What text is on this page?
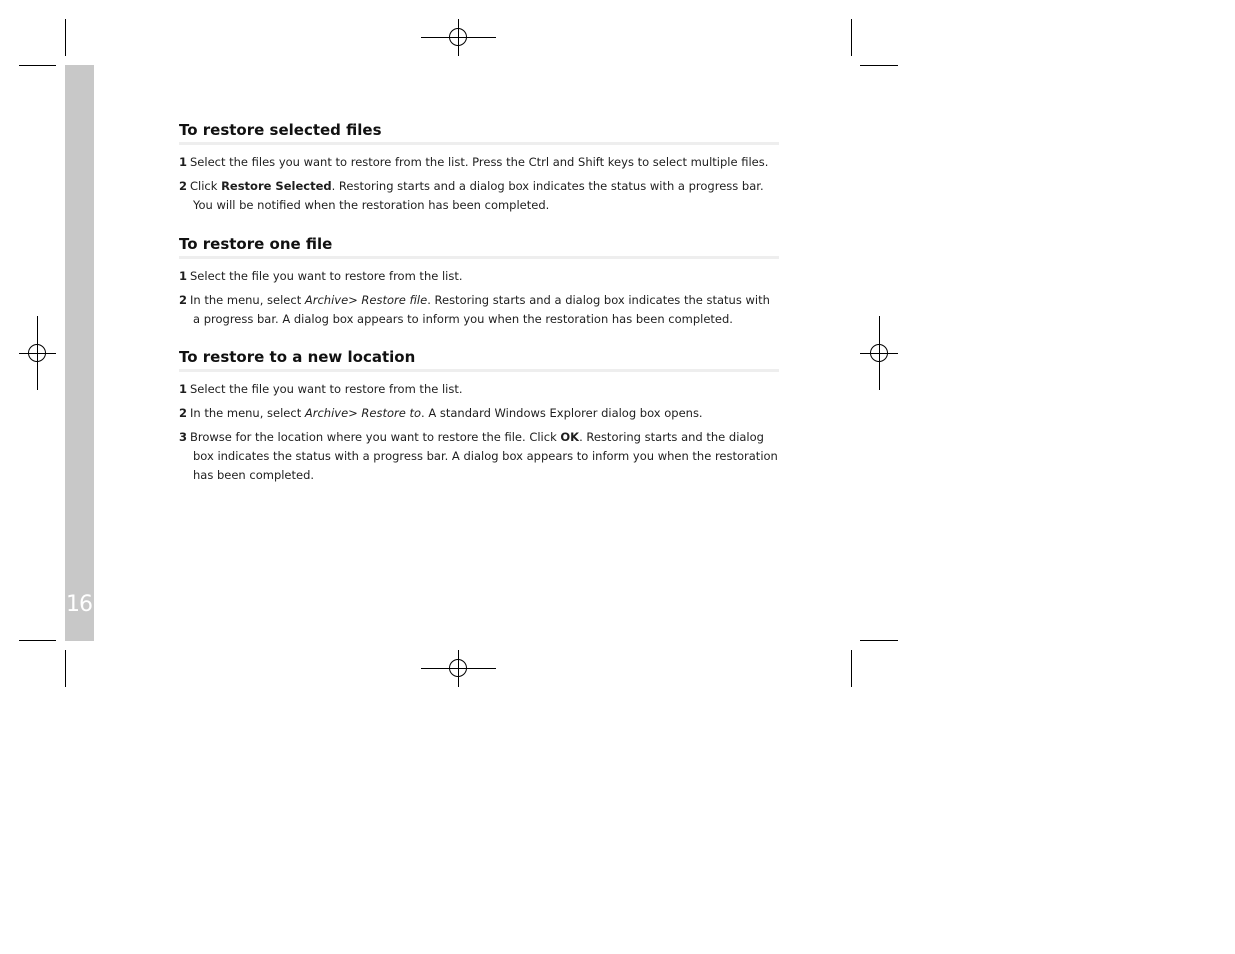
16
To restore selected files
1 Select the files you want to restore from the list. Press the Ctrl and Shift keys to select multiple files.
2 Click Restore Selected. Restoring starts and a dialog box indicates the status with a progress bar. You will be notified when the restoration has been completed.
To restore one file
1 Select the file you want to restore from the list.
2 In the menu, select Archive> Restore file. Restoring starts and a dialog box indicates the status with a progress bar. A dialog box appears to inform you when the restoration has been completed.
To restore to a new location
1 Select the file you want to restore from the list.
2 In the menu, select Archive> Restore to. A standard Windows Explorer dialog box opens.
3 Browse for the location where you want to restore the file. Click OK. Restoring starts and the dialog box indicates the status with a progress bar. A dialog box appears to inform you when the restoration has been completed.
